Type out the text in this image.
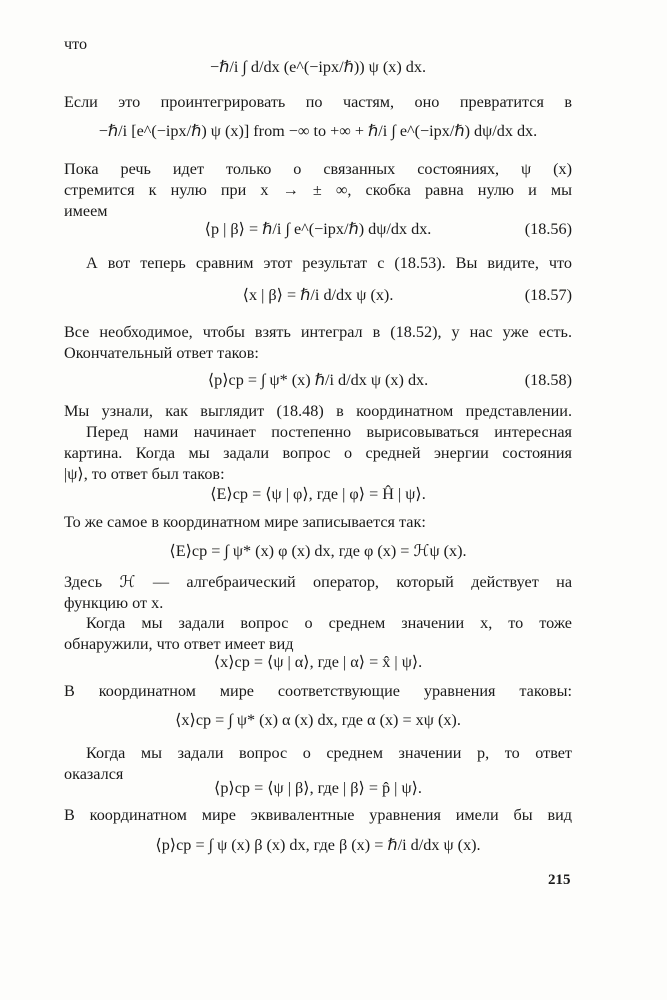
что
−ℏ/i ∫ d/dx (e^(−ipx/ℏ)) ψ (x) dx.
Если это проинтегрировать по частям, оно превратится в
−ℏ/i [e^(−ipx/ℏ) ψ (x)] from −∞ to +∞ + ℏ/i ∫ e^(−ipx/ℏ) dψ/dx dx.
Пока речь идет только о связанных состояниях, ψ (x)
стремится к нулю при x → ± ∞, скобка равна нулю и мы
имеем
⟨p | β⟩ = ℏ/i ∫ e^(−ipx/ℏ) dψ/dx dx.	(18.56)
А вот теперь сравним этот результат с (18.53). Вы видите, что
⟨x | β⟩ = ℏ/i d/dx ψ (x).	(18.57)
Все необходимое, чтобы взять интеграл в (18.52), у нас уже есть.
Окончательный ответ таков:
⟨p⟩ср = ∫ ψ* (x) ℏ/i d/dx ψ (x) dx.	(18.58)
Мы узнали, как выглядит (18.48) в координатном представлении.
Перед нами начинает постепенно вырисовываться интересная
картина. Когда мы задали вопрос о средней энергии состояния
|ψ⟩, то ответ был таков:
⟨E⟩ср = ⟨ψ | φ⟩, где | φ⟩ = Ĥ | ψ⟩.
То же самое в координатном мире записывается так:
⟨E⟩ср = ∫ ψ* (x) φ (x) dx, где φ (x) = ℋψ (x).
Здесь ℋ — алгебраический оператор, который действует на
функцию от x.
Когда мы задали вопрос о среднем значении x, то тоже
обнаружили, что ответ имеет вид
⟨x⟩ср = ⟨ψ | α⟩, где | α⟩ = x̂ | ψ⟩.
В координатном мире соответствующие уравнения таковы:
⟨x⟩ср = ∫ ψ* (x) α (x) dx, где α (x) = xψ (x).
Когда мы задали вопрос о среднем значении p, то ответ
оказался
⟨p⟩ср = ⟨ψ | β⟩, где | β⟩ = p̂ | ψ⟩.
В координатном мире эквивалентные уравнения имели бы вид
⟨p⟩ср = ∫ ψ (x) β (x) dx, где β (x) = ℏ/i d/dx ψ (x).
215
